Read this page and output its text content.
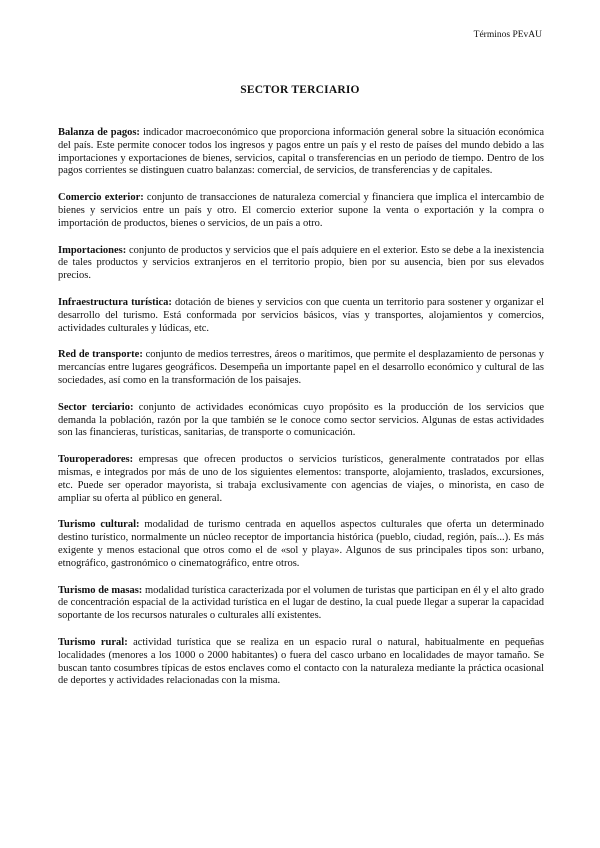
Términos PEvAU
SECTOR TERCIARIO

Balanza de pagos: indicador macroeconómico que proporciona información general sobre la situación económica del país. Este permite conocer todos los ingresos y pagos entre un país y el resto de países del mundo debido a las importaciones y exportaciones de bienes, servicios, capital o transferencias en un periodo de tiempo. Dentro de los pagos corrientes se distinguen cuatro balanzas: comercial, de servicios, de transferencias y de capitales.

Comercio exterior: conjunto de transacciones de naturaleza comercial y financiera que implica el intercambio de bienes y servicios entre un país y otro. El comercio exterior supone la venta o exportación y la compra o importación de productos, bienes o servicios, de un país a otro.

Importaciones: conjunto de productos y servicios que el país adquiere en el exterior. Esto se debe a la inexistencia de tales productos y servicios extranjeros en el territorio propio, bien por su ausencia, bien por sus elevados precios.

Infraestructura turística: dotación de bienes y servicios con que cuenta un territorio para sostener y organizar el desarrollo del turismo. Está conformada por servicios básicos, vías y transportes, alojamientos y comercios, actividades culturales y lúdicas, etc.

Red de transporte: conjunto de medios terrestres, áreos o marítimos, que permite el desplazamiento de personas y mercancías entre lugares geográficos. Desempeña un importante papel en el desarrollo económico y cultural de las sociedades, así como en la transformación de los paisajes.

Sector terciario: conjunto de actividades económicas cuyo propósito es la producción de los servicios que demanda la población, razón por la que también se le conoce como sector servicios. Algunas de estas actividades son las financieras, turísticas, sanitarias, de transporte o comunicación.

Touroperadores: empresas que ofrecen productos o servicios turísticos, generalmente contratados por ellas mismas, e integrados por más de uno de los siguientes elementos: transporte, alojamiento, traslados, excursiones, etc. Puede ser operador mayorista, si trabaja exclusivamente con agencias de viajes, o minorista, en caso de ampliar su oferta al público en general.

Turismo cultural: modalidad de turismo centrada en aquellos aspectos culturales que oferta un determinado destino turístico, normalmente un núcleo receptor de importancia histórica (pueblo, ciudad, región, país...). Es más exigente y menos estacional que otros como el de «sol y playa». Algunos de sus principales tipos son: urbano, etnográfico, gastronómico o cinematográfico, entre otros.

Turismo de masas: modalidad turística caracterizada por el volumen de turistas que participan en él y el alto grado de concentración espacial de la actividad turística en el lugar de destino, la cual puede llegar a superar la capacidad soportante de los recursos naturales o culturales allí existentes.

Turismo rural: actividad turística que se realiza en un espacio rural o natural, habitualmente en pequeñas localidades (menores a los 1000 o 2000 habitantes) o fuera del casco urbano en localidades de mayor tamaño. Se buscan tanto cosumbres típicas de estos enclaves como el contacto con la naturaleza mediante la práctica ocasional de deportes y actividades relacionadas con la misma.
